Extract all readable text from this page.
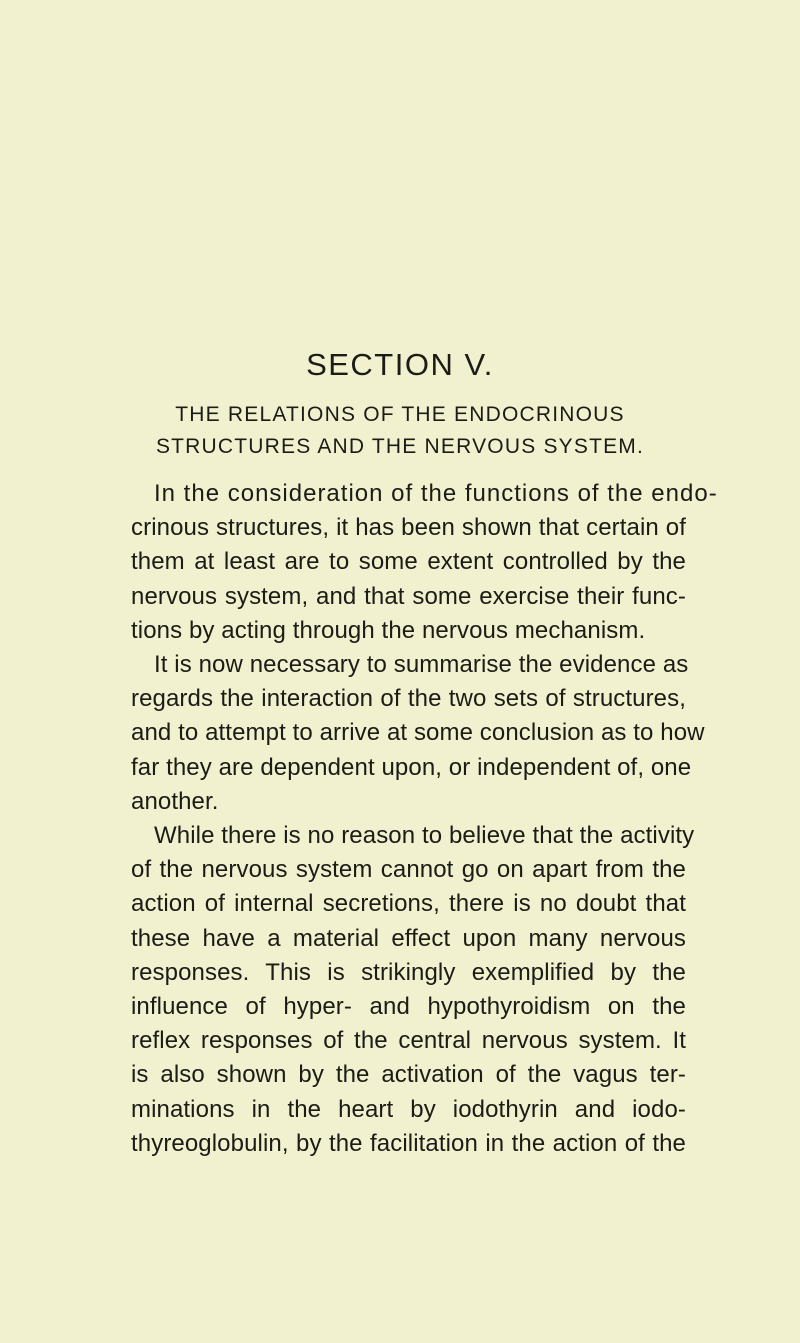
SECTION V.
THE RELATIONS OF THE ENDOCRINOUS
STRUCTURES AND THE NERVOUS SYSTEM.
In the consideration of the functions of the endo-
crinous structures, it has been shown that certain of
them at least are to some extent controlled by the
nervous system, and that some exercise their func-
tions by acting through the nervous mechanism.
It is now necessary to summarise the evidence as
regards the interaction of the two sets of structures,
and to attempt to arrive at some conclusion as to how
far they are dependent upon, or independent of, one
another.
While there is no reason to believe that the activity
of the nervous system cannot go on apart from the
action of internal secretions, there is no doubt that
these have a material effect upon many nervous
responses. This is strikingly exemplified by the
influence of hyper- and hypothyroidism on the
reflex responses of the central nervous system. It
is also shown by the activation of the vagus ter-
minations in the heart by iodothyrin and iodo-
thyreoglobulin, by the facilitation in the action of the
